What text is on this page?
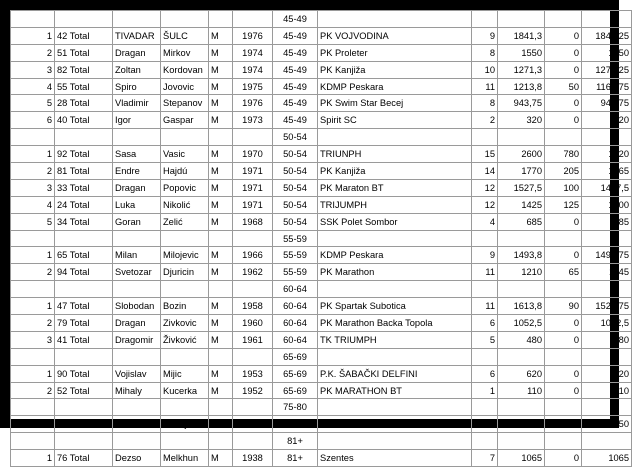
						45-49					
1	42 Total	TIVADAR	ŠULC	M	1976	45-49	PK VOJVODINA	9	1841,3	0	1841,25
2	51 Total	Dragan	Mirkov	M	1974	45-49	PK Proleter	8	1550	0	1550
3	82 Total	Zoltan	Kordovan	M	1974	45-49	PK Kanjiža	10	1271,3	0	1271,25
4	55 Total	Spiro	Jovovic	M	1975	45-49	KDMP Peskara	11	1213,8	50	1163,75
5	28 Total	Vladimir	Stepanov	M	1976	45-49	PK Swim Star Becej	8	943,75	0	943,75
6	40 Total	Igor	Gaspar	M	1973	45-49	Spirit SC	2	320	0	320
						50-54					
1	92 Total	Sasa	Vasic	M	1970	50-54	TRIUNPH	15	2600	780	1820
2	81 Total	Endre	Hajdú	M	1971	50-54	PK Kanjiža	14	1770	205	1565
3	33 Total	Dragan	Popovic	M	1971	50-54	PK Maraton BT	12	1527,5	100	1427,5
4	24 Total	Luka	Nikolić	M	1971	50-54	TRIJUMPH	12	1425	125	1300
5	34 Total	Goran	Zelić	M	1968	50-54	SSK Polet Sombor	4	685	0	685
						55-59					
1	65 Total	Milan	Milojevic	M	1966	55-59	KDMP Peskara	9	1493,8	0	1493,75
2	94 Total	Svetozar	Djuricin	M	1962	55-59	PK Marathon	11	1210	65	1145
						60-64					
1	47 Total	Slobodan	Bozin	M	1958	60-64	PK Spartak Subotica	11	1613,8	90	1523,75
2	79 Total	Dragan	Zivkovic	M	1960	60-64	PK Marathon Backa Topola	6	1052,5	0	1052,5
3	41 Total	Dragomir	Živković	M	1961	60-64	TK TRIUMPH	5	480	0	480
						65-69					
1	90 Total	Vojislav	Mijic	M	1953	65-69	P.K. ŠABAČKI DELFINI	6	620	0	620
2	52 Total	Mihaly	Kucerka	M	1952	65-69	PK MARATHON BT	1	110	0	110
						75-80					
1	45 Total	Istvan	Priboj	M	1942	75-80	SPARTAK SUBOTICA	13	1600	250	1350
						81+					
1	76 Total	Dezso	Melkhun	M	1938	81+	Szentes	7	1065	0	1065
